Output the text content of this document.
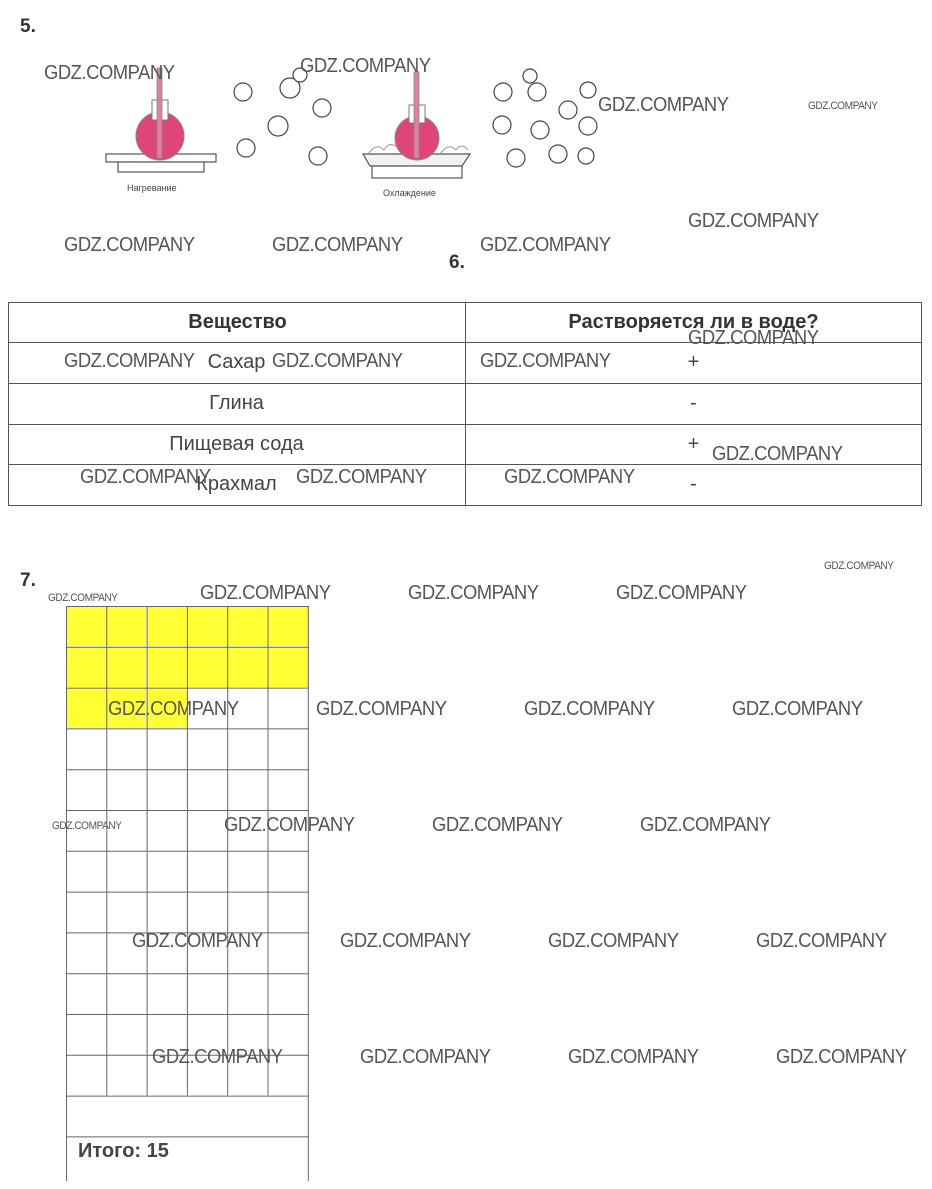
5.
Нагревание	Охлаждение
6.
Вещество	Растворяется ли в воде?
Сахар	+
Глина	-
Пищевая сода	+
Крахмал	-
7.
Итого: 15
GDZ.COMPANY	GDZ.COMPANY
GDZ.COMPANY	GDZ.COMPANY
GDZ.COMPANY
GDZ.COMPANY	GDZ.COMPANY	GDZ.COMPANY
GDZ.COMPANY
GDZ.COMPANY	GDZ.COMPANY	GDZ.COMPANY
GDZ.COMPANY
GDZ.COMPANY	GDZ.COMPANY	GDZ.COMPANY
GDZ.COMPANY
GDZ.COMPANY	GDZ.COMPANY	GDZ.COMPANY	GDZ.COMPANY
GDZ.COMPANY	GDZ.COMPANY	GDZ.COMPANY	GDZ.COMPANY
GDZ.COMPANY	GDZ.COMPANY	GDZ.COMPANY	GDZ.COMPANY
GDZ.COMPANY	GDZ.COMPANY	GDZ.COMPANY	GDZ.COMPANY
GDZ.COMPANY	GDZ.COMPANY	GDZ.COMPANY	GDZ.COMPANY
